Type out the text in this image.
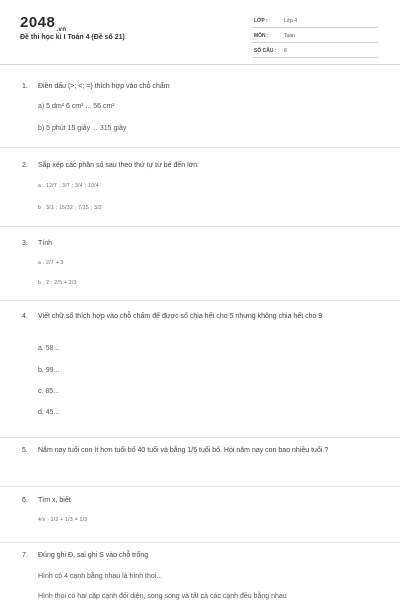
$2048_{.vn}$
Đề thi học kì I Toán 4 (Đề số 21)
LỚP :	Lớp 4
MÔN :	Toán
SỐ CÂU : 8
1. Điền dấu (>; <; =) thích hợp vào chỗ chấm
a) 5 dm² 6 cm² ... 56 cm²
b) 5 phút 15 giây ... 315 giây
2. Sắp xếp các phân số sau theo thứ tự từ bé đến lớn:
a . 12/7 ; 3/7 ; 3/4 ; 10/4
b . 3/1 ; 15/32 ; 7/15 ; 3/2
3. Tính
a . 2/7 + 3
b . 2 : 2/5 + 2/3
4. Viết chữ số thích hợp vào chỗ chấm để được số chia hết cho 5 nhưng không chia hết cho 9
a. 58...
b. 99...
c. 85...
d. 45...
5. Năm nay tuổi con ít hơn tuổi bố 40 tuổi và bằng 1/5 tuổi bố. Hỏi năm nay con bao nhiêu tuổi ?
6. Tìm x, biết
4/x : 1/2 + 1/3 = 1/3
7. Đúng ghi Đ, sai ghi S vào chỗ trống
Hình có 4 cạnh bằng nhau là hình thoi...
Hình thoi có hai cặp cạnh đối diện, song song và tất cả các cạnh đều bằng nhau
